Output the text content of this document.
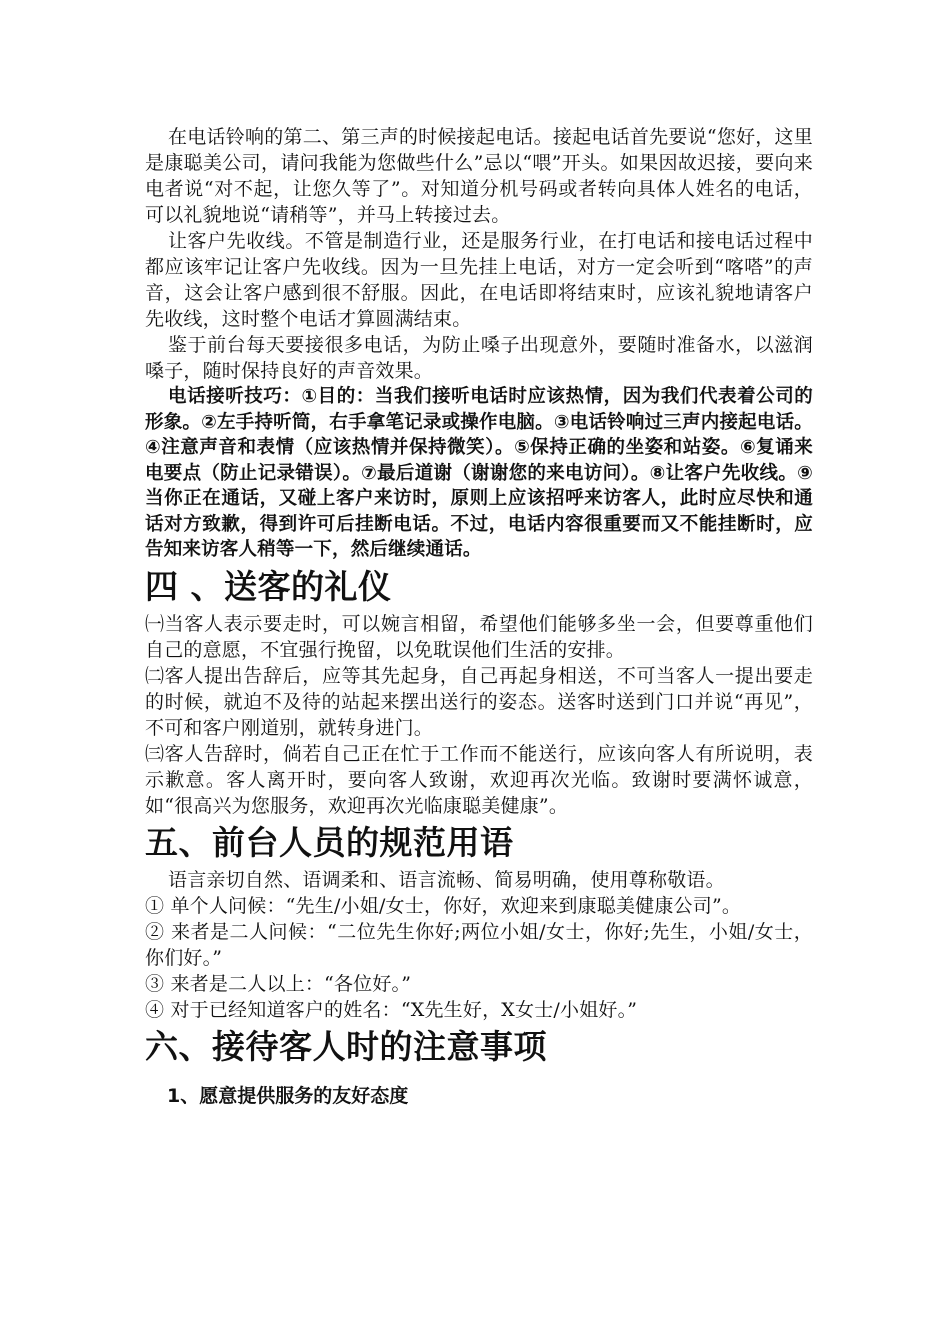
在电话铃响的第二、第三声的时候接起电话。接起电话首先要说“您好，这里是康聪美公司，请问我能为您做些什么”忌以“喂”开头。如果因故迟接，要向来电者说“对不起，让您久等了”。对知道分机号码或者转向具体人姓名的电话，可以礼貌地说“请稍等”，并马上转接过去。

让客户先收线。不管是制造行业，还是服务行业，在打电话和接电话过程中都应该牢记让客户先收线。因为一旦先挂上电话，对方一定会听到“喀嗒”的声音，这会让客户感到很不舒服。因此，在电话即将结束时，应该礼貌地请客户先收线，这时整个电话才算圆满结束。

鉴于前台每天要接很多电话，为防止嗓子出现意外，要随时准备水，以滋润嗓子，随时保持良好的声音效果。

电话接听技巧：①目的：当我们接听电话时应该热情，因为我们代表着公司的形象。②左手持听筒，右手拿笔记录或操作电脑。③电话铃响过三声内接起电话。④注意声音和表情（应该热情并保持微笑）。⑤保持正确的坐姿和站姿。⑥复诵来电要点（防止记录错误）。⑦最后道谢（谢谢您的来电访问）。⑧让客户先收线。⑨当你正在通话，又碰上客户来访时，原则上应该招呼来访客人，此时应尽快和通话对方致歉，得到许可后挂断电话。不过，电话内容很重要而又不能挂断时，应告知来访客人稍等一下，然后继续通话。

四 、送客的礼仪

㈠当客人表示要走时，可以婉言相留，希望他们能够多坐一会，但要尊重他们自己的意愿，不宜强行挽留，以免耽误他们生活的安排。

㈡客人提出告辞后，应等其先起身，自己再起身相送，不可当客人一提出要走的时候，就迫不及待的站起来摆出送行的姿态。送客时送到门口并说“再见”，不可和客户刚道别，就转身进门。

㈢客人告辞时，倘若自己正在忙于工作而不能送行，应该向客人有所说明，表示歉意。客人离开时，要向客人致谢，欢迎再次光临。致谢时要满怀诚意，如“很高兴为您服务，欢迎再次光临康聪美健康”。

五、前台人员的规范用语

语言亲切自然、语调柔和、语言流畅、简易明确，使用尊称敬语。

① 单个人问候：“先生/小姐/女士，你好，欢迎来到康聪美健康公司”。

② 来者是二人问候：“二位先生你好;两位小姐/女士，你好;先生，小姐/女士，你们好。”

③ 来者是二人以上：“各位好。”

④ 对于已经知道客户的姓名：“X先生好，X女士/小姐好。”

六、接待客人时的注意事项
1、愿意提供服务的友好态度
